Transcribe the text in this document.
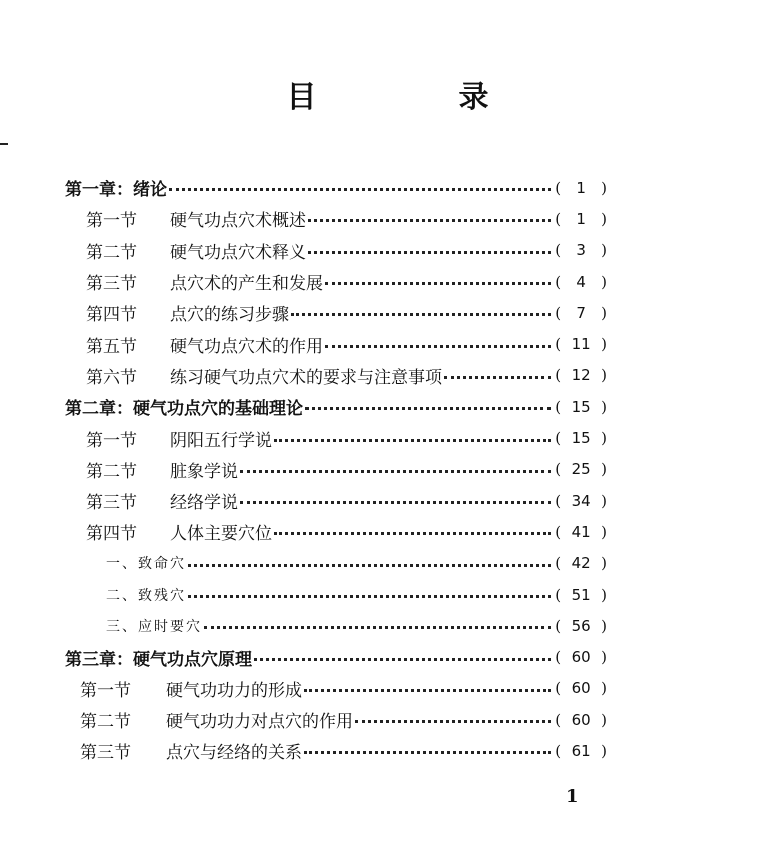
目　录
第一章：绪论	(	1	)
第一节	硬气功点穴术概述	(	1	)
第二节	硬气功点穴术释义	(	3	)
第三节	点穴术的产生和发展	(	4	)
第四节	点穴的练习步骤	(	7	)
第五节	硬气功点穴术的作用	( 11 )
第六节	练习硬气功点穴术的要求与注意事项	( 12 )
第二章：硬气功点穴的基础理论	( 15 )
第一节	阴阳五行学说	( 15 )
第二节	脏象学说	( 25 )
第三节	经络学说	( 34 )
第四节	人体主要穴位	( 41 )
一、致命穴	( 42 )
二、致残穴	( 51 )
三、应时要穴	( 56 )
第三章：硬气功点穴原理	( 60 )
第一节	硬气功功力的形成	( 60 )
第二节	硬气功功力对点穴的作用	( 60 )
第三节	点穴与经络的关系	( 61 )
1
